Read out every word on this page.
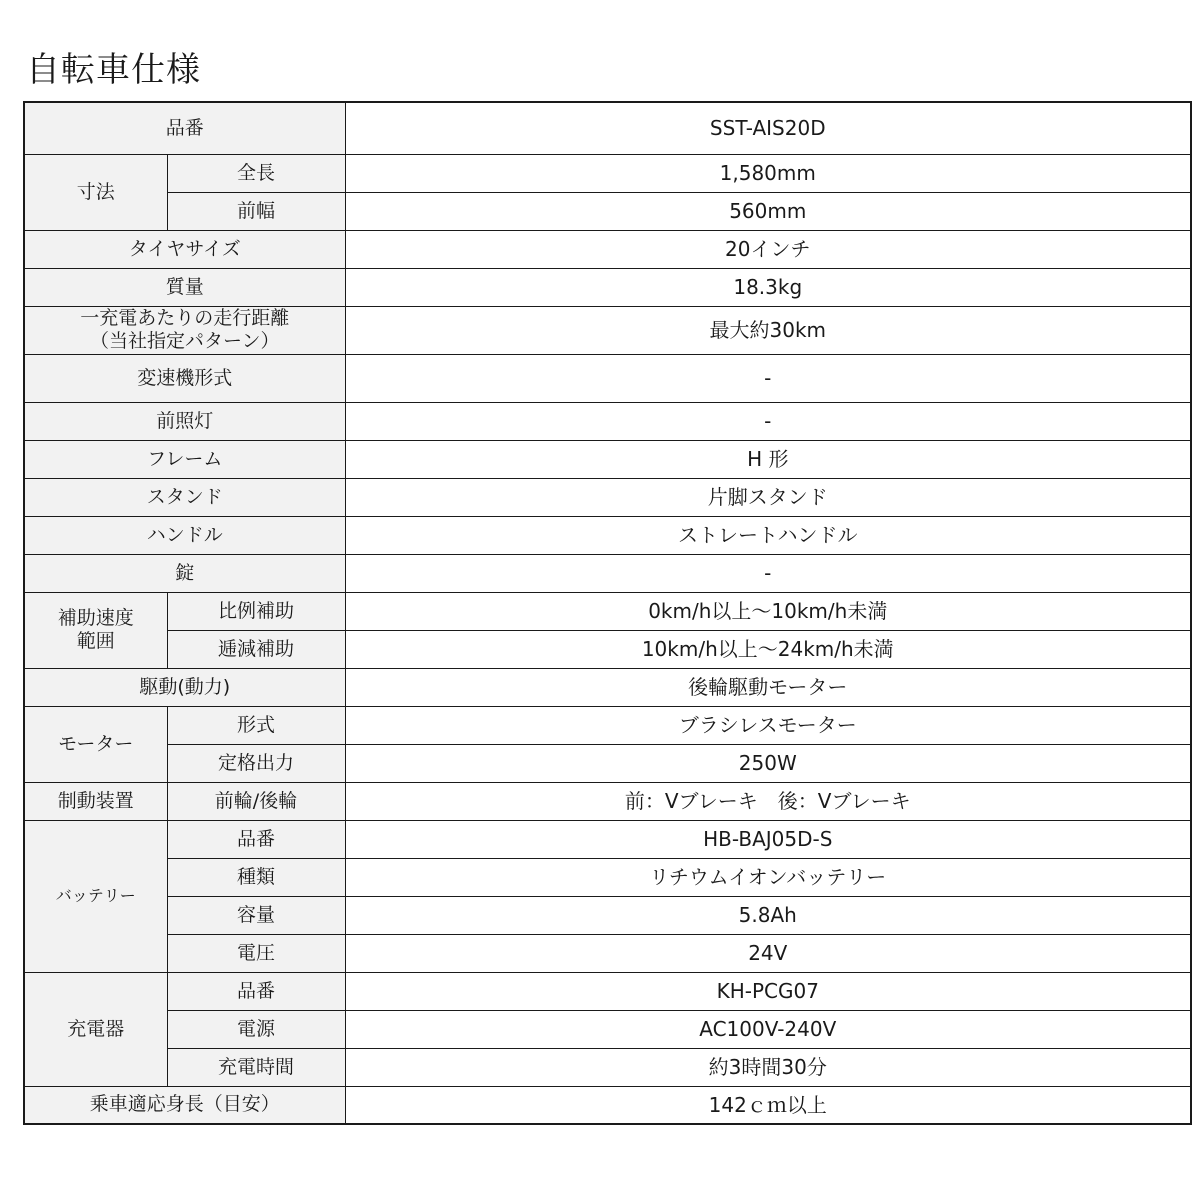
自転車仕様
品番		SST-AIS20D
寸法	全長	1,580mm
	前幅	560mm
タイヤサイズ		20インチ
質量		18.3kg

一充電あたりの走行距離
（当社指定パターン）		最大約30km
変速機形式		-
前照灯		-
フレーム		H 形
スタンド		片脚スタンド
ハンドル		ストレートハンドル
錠		-

補助速度
範囲	比例補助	0km/h以上～10km/h未満
	逓減補助	10km/h以上～24km/h未満
駆動(動力)		後輪駆動モーター
モーター	形式	ブラシレスモーター
	定格出力	250W
制動装置	前輪/後輪	前：Vブレーキ　後：Vブレーキ
バッテリー	品番	HB-BAJ05D-S
	種類	リチウムイオンバッテリー
	容量	5.8Ah
	電圧	24V
充電器	品番	KH-PCG07
	電源	AC100V-240V
	充電時間	約3時間30分
乗車適応身長（目安）		142ｃｍ以上
